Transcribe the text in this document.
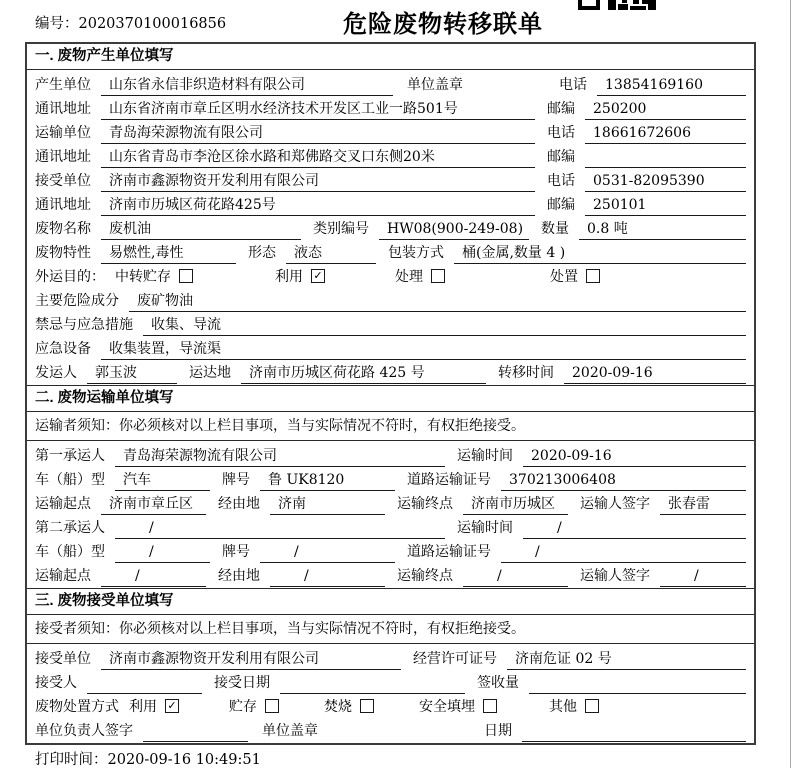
编号：2020370100016856	危险废物转移联单
一. 废物产生单位填写
产生单位	山东省永信非织造材料有限公司	单位盖章	电话	13854169160
通讯地址	山东省济南市章丘区明水经济技术开发区工业一路501号	邮编	250200
运输单位	青岛海荣源物流有限公司	电话	18661672606
通讯地址	山东省青岛市李沧区徐水路和郑佛路交叉口东侧20米	邮编
接受单位	济南市鑫源物资开发利用有限公司	电话	0531-82095390
通讯地址	济南市历城区荷花路425号	邮编	250101
废物名称	废机油	类别编号	HW08(900-249-08)	数量	0.8 吨
废物特性	易燃性,毒性	形态	液态	包装方式	桶(金属,数量 4 )
外运目的： 中转贮存	利用 ✓	处理	处置
主要危险成分	废矿物油
禁忌与应急措施	收集、导流
应急设备	收集装置，导流渠
发运人	郭玉波	运达地	济南市历城区荷花路 425 号	转移时间	2020-09-16
二. 废物运输单位填写
运输者须知：你必须核对以上栏目事项，当与实际情况不符时，有权拒绝接受。
第一承运人	青岛海荣源物流有限公司	运输时间	2020-09-16
车（船）型	汽车	牌号	鲁 UK8120	道路运输证号	370213006408
运输起点	济南市章丘区	经由地	济南	运输终点	济南市历城区	运输人签字	张春雷
第二承运人	/	运输时间	/
车（船）型	/	牌号	/	道路运输证号	/
运输起点	/	经由地	/	运输终点	/	运输人签字	/
三. 废物接受单位填写
接受者须知：你必须核对以上栏目事项，当与实际情况不符时，有权拒绝接受。
接受单位	济南市鑫源物资开发利用有限公司	经营许可证号	济南危证 02 号
接受人	接受日期	签收量
废物处置方式 利用 ✓	贮存	焚烧	安全填埋	其他
单位负责人签字	单位盖章	日期
打印时间：2020-09-16 10:49:51
